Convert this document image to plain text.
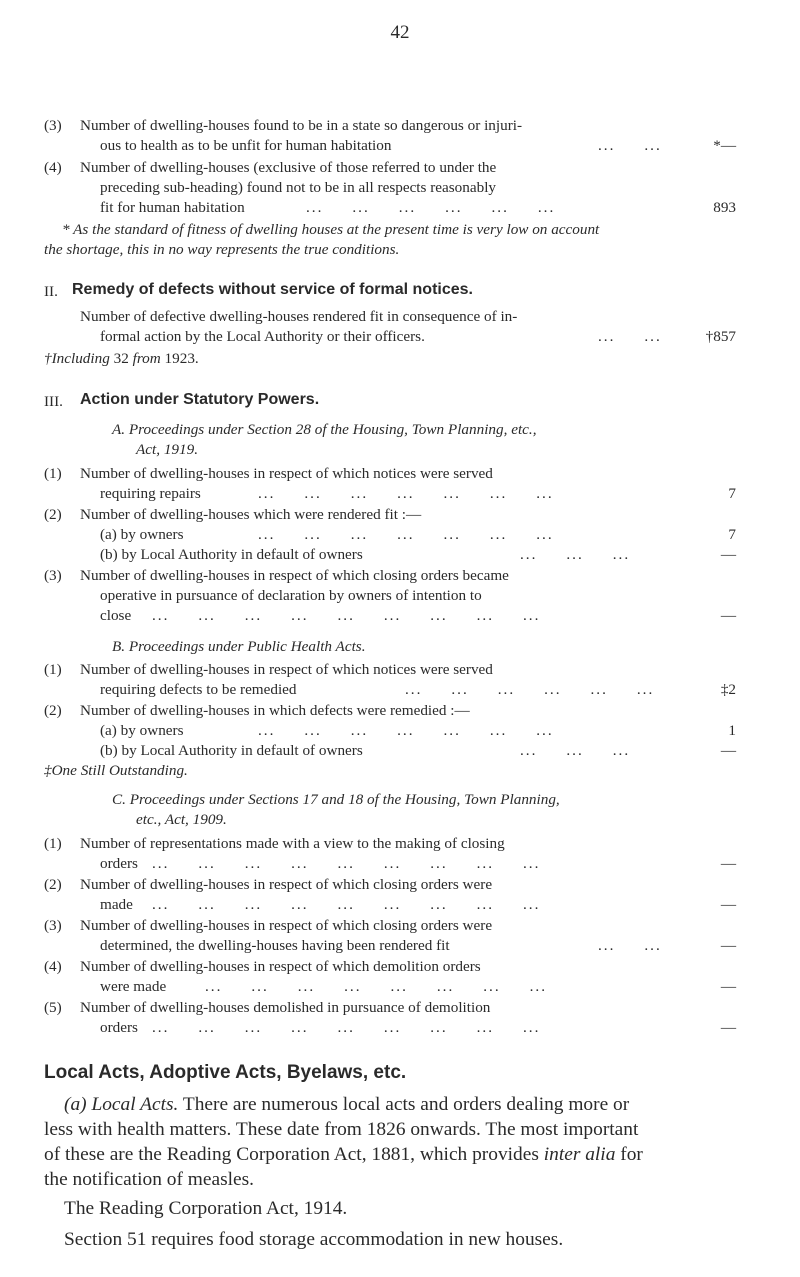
42
(3) Number of dwelling-houses found to be in a state so dangerous or injuri-
ous to health as to be unfit for human habitation	...     ...	*—
(4) Number of dwelling-houses (exclusive of those referred to under the
preceding sub-heading) found not to be in all respects reasonably
fit for human habitation	...     ...     ...     ...     ...     ...	893
* As the standard of fitness of dwelling houses at the present time is very low on account
the shortage, this in no way represents the true conditions.
II. Remedy of defects without service of formal notices.
Number of defective dwelling-houses rendered fit in consequence of in-
formal action by the Local Authority or their officers.	...     ...	†857
†Including 32 from 1923.
III. Action under Statutory Powers.
A. Proceedings under Section 28 of the Housing, Town Planning, etc.,
Act, 1919.
(1) Number of dwelling-houses in respect of which notices were served
requiring repairs	...     ...     ...     ...     ...     ...     ...	7
(2) Number of dwelling-houses which were rendered fit :—
(a) by owners	...     ...     ...     ...     ...     ...     ...	7
(b) by Local Authority in default of owners	...     ...     ...	—
(3) Number of dwelling-houses in respect of which closing orders became
operative in pursuance of declaration by owners of intention to
close ...     ...     ...     ...     ...     ...     ...     ...     ...	—
B. Proceedings under Public Health Acts.
(1) Number of dwelling-houses in respect of which notices were served
requiring defects to be remedied	...     ...     ...     ...     ...     ...	‡2
(2) Number of dwelling-houses in which defects were remedied :—
(a) by owners	...     ...     ...     ...     ...     ...     ...	1
(b) by Local Authority in default of owners	...     ...     ...	—
‡One Still Outstanding.
C. Proceedings under Sections 17 and 18 of the Housing, Town Planning,
etc., Act, 1909.
(1) Number of representations made with a view to the making of closing
orders ...     ...     ...     ...     ...     ...     ...     ...     ...	—
(2) Number of dwelling-houses in respect of which closing orders were
made ...     ...     ...     ...     ...     ...     ...     ...     ...	—
(3) Number of dwelling-houses in respect of which closing orders were
determined, the dwelling-houses having been rendered fit	...     ...	—
(4) Number of dwelling-houses in respect of which demolition orders
were made	...     ...     ...     ...     ...     ...     ...     ...	—
(5) Number of dwelling-houses demolished in pursuance of demolition
orders ...     ...     ...     ...     ...     ...     ...     ...     ...	—
Local Acts, Adoptive Acts, Byelaws, etc.
(a) Local Acts. There are numerous local acts and orders dealing more or
less with health matters. These date from 1826 onwards. The most important
of these are the Reading Corporation Act, 1881, which provides inter alia for
the notification of measles.
The Reading Corporation Act, 1914.
Section 51 requires food storage accommodation in new houses.
